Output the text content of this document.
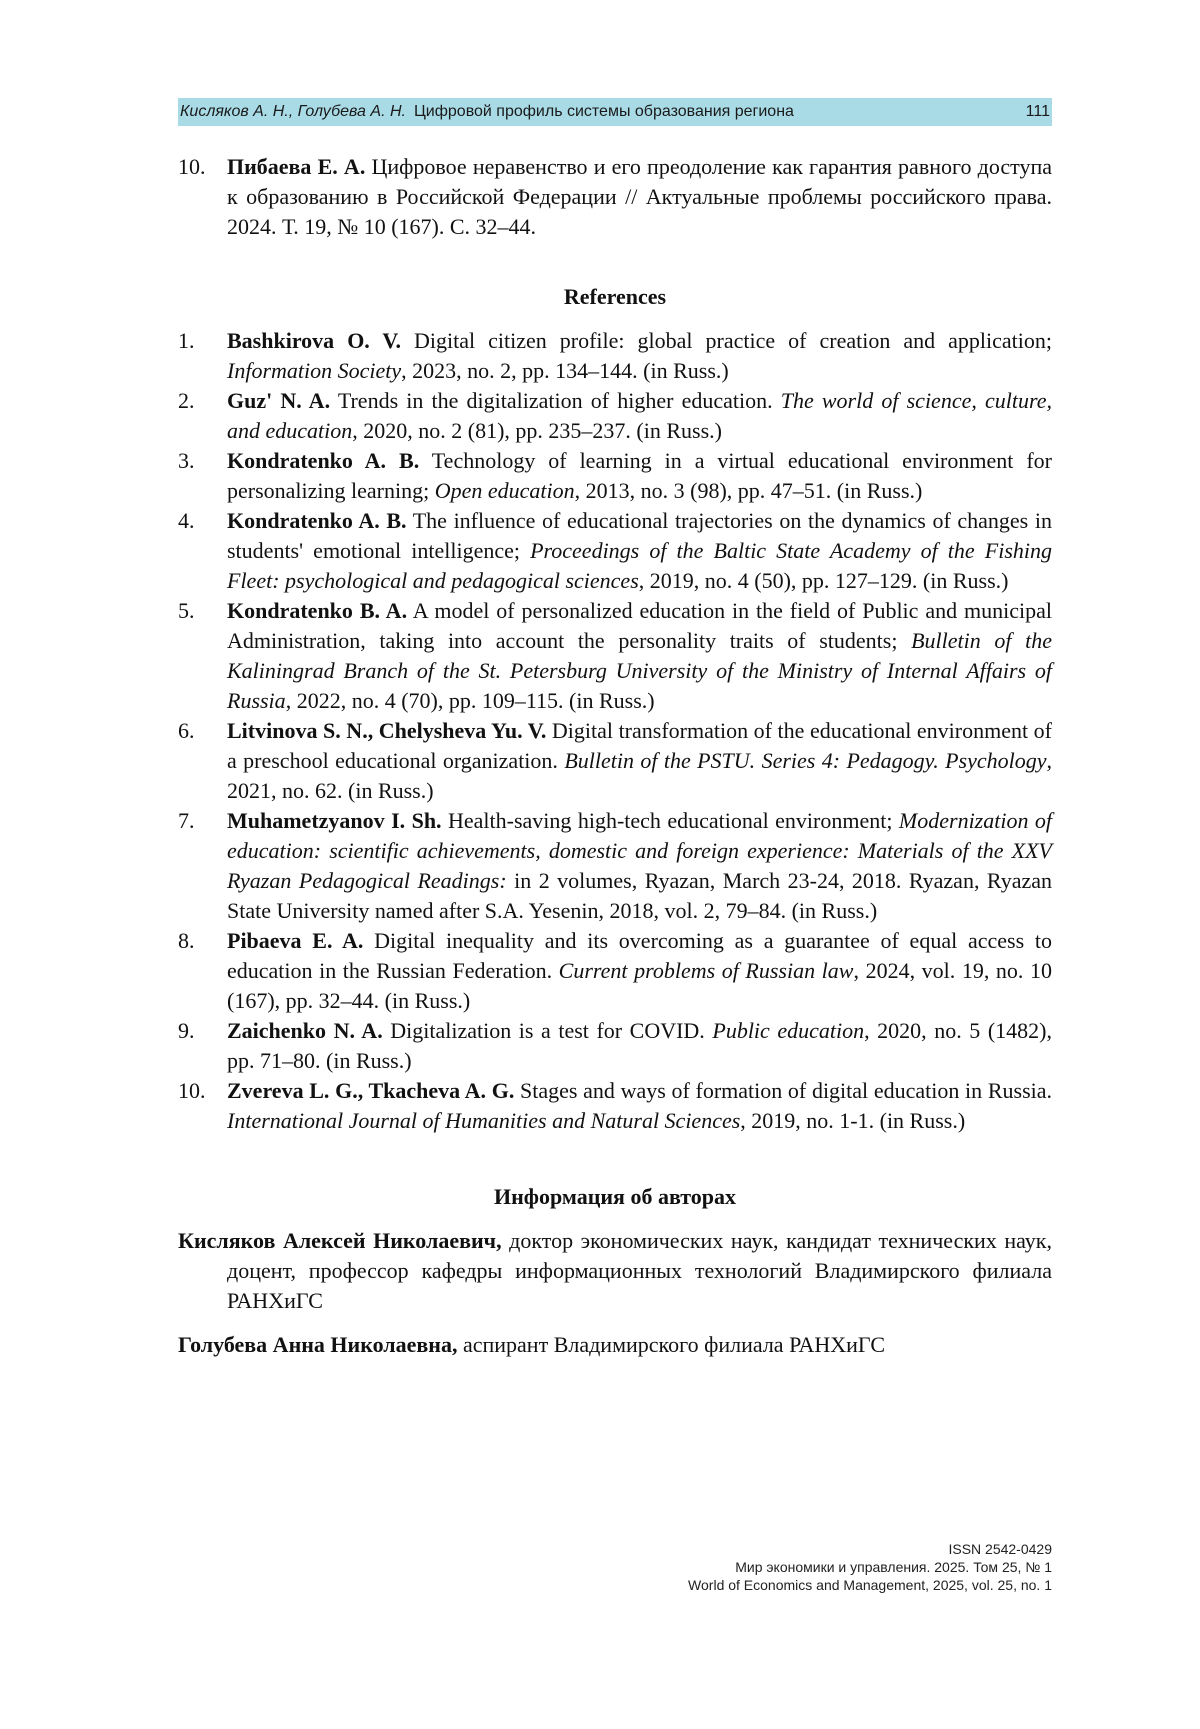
Кисляков А. Н., Голубева А. Н. Цифровой профиль системы образования региона	111
10. Пибаева Е. А. Цифровое неравенство и его преодоление как гарантия равного доступа к образованию в Российской Федерации // Актуальные проблемы российского права. 2024. Т. 19, № 10 (167). С. 32–44.
References
1.	Bashkirova O. V. Digital citizen profile: global practice of creation and application; Information Society, 2023, no. 2, pp. 134–144. (in Russ.)
2.	Guz' N. A. Trends in the digitalization of higher education. The world of science, culture, and education, 2020, no. 2 (81), pp. 235–237. (in Russ.)
3.	Kondratenko A. B. Technology of learning in a virtual educational environment for personalizing learning; Open education, 2013, no. 3 (98), pp. 47–51. (in Russ.)
4.	Kondratenko A. B. The influence of educational trajectories on the dynamics of changes in students' emotional intelligence; Proceedings of the Baltic State Academy of the Fishing Fleet: psychological and pedagogical sciences, 2019, no. 4 (50), pp. 127–129. (in Russ.)
5.	Kondratenko B. A. A model of personalized education in the field of Public and municipal Administration, taking into account the personality traits of students; Bulletin of the Kaliningrad Branch of the St. Petersburg University of the Ministry of Internal Affairs of Russia, 2022, no. 4 (70), pp. 109–115. (in Russ.)
6.	Litvinova S. N., Chelysheva Yu. V. Digital transformation of the educational environment of a preschool educational organization. Bulletin of the PSTU. Series 4: Pedagogy. Psychology, 2021, no. 62. (in Russ.)
7.	Muhametzyanov I. Sh. Health-saving high-tech educational environment; Modernization of education: scientific achievements, domestic and foreign experience: Materials of the XXV Ryazan Pedagogical Readings: in 2 volumes, Ryazan, March 23-24, 2018. Ryazan, Ryazan State University named after S.A. Yesenin, 2018, vol. 2, 79–84. (in Russ.)
8.	Pibaeva E. A. Digital inequality and its overcoming as a guarantee of equal access to education in the Russian Federation. Current problems of Russian law, 2024, vol. 19, no. 10 (167), pp. 32–44. (in Russ.)
9.	Zaichenko N. A. Digitalization is a test for COVID. Public education, 2020, no. 5 (1482), pp. 71–80. (in Russ.)
10. Zvereva L. G., Tkacheva A. G. Stages and ways of formation of digital education in Russia. International Journal of Humanities and Natural Sciences, 2019, no. 1-1. (in Russ.)
Информация об авторах

Кисляков Алексей Николаевич, доктор экономических наук, кандидат технических наук, доцент, профессор кафедры информационных технологий Владимирского филиала РАНХиГС

Голубева Анна Николаевна, аспирант Владимирского филиала РАНХиГС

ISSN 2542-0429
Мир экономики и управления. 2025. Том 25, № 1
World of Economics and Management, 2025, vol. 25, no. 1
